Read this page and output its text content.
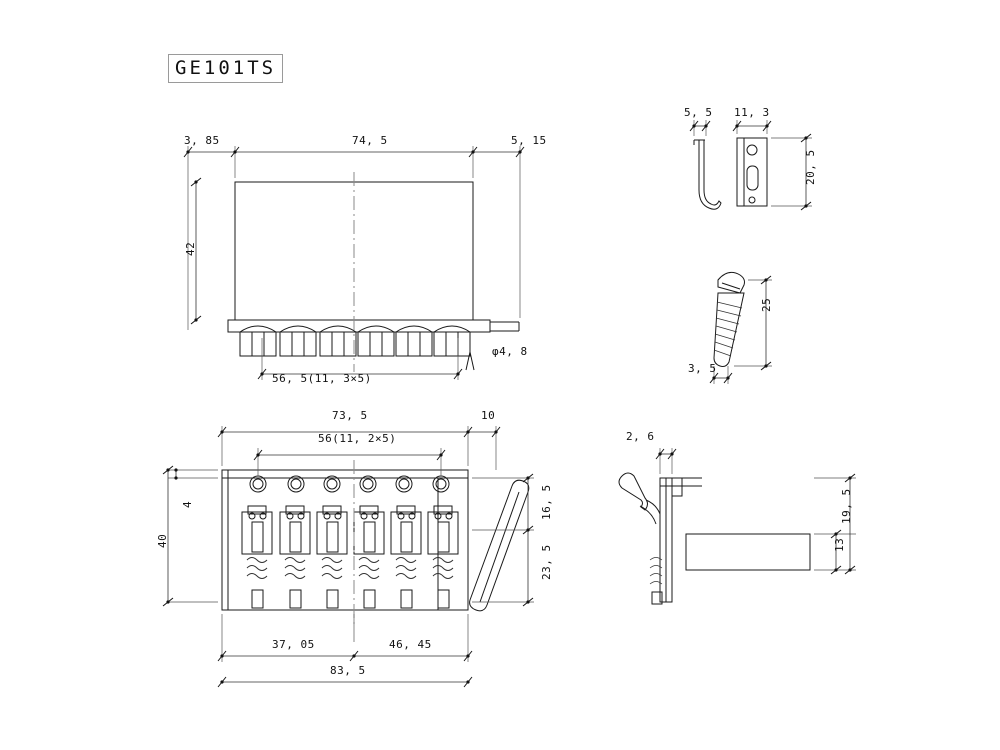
GE101TS
3, 85	74, 5	5, 15
42
φ4, 8
56, 5(11, 3×5)
73, 5	10
56(11, 2×5)
4
40
16, 5
23, 5
37, 05	46, 45
83, 5
5, 5 11, 3
20, 5
25
3, 5
2, 6
19, 5
13
